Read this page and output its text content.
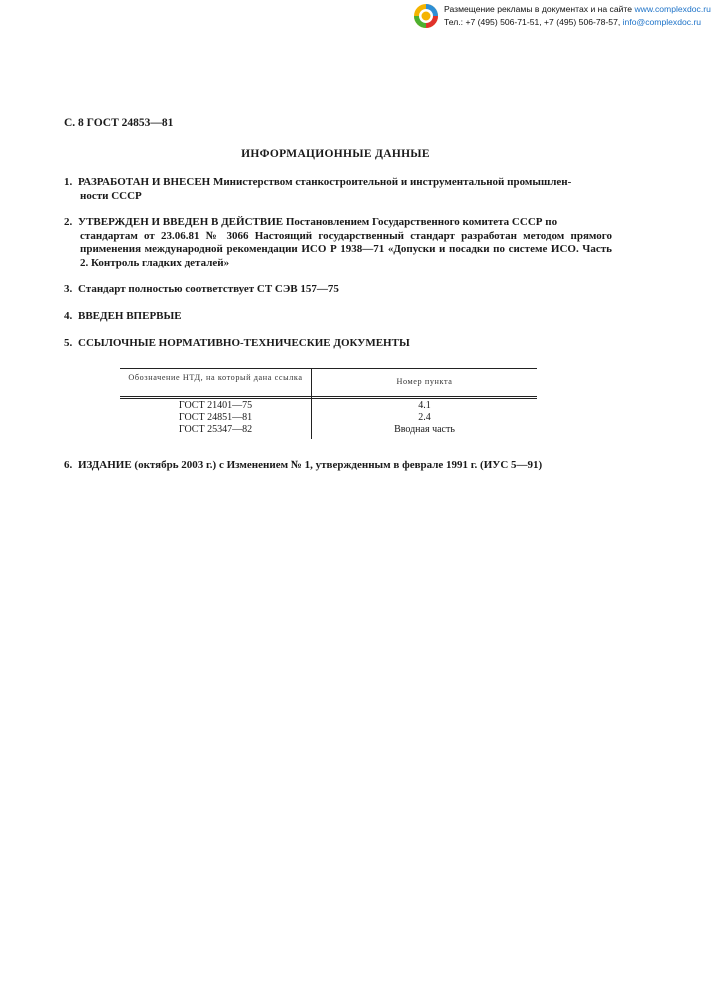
Размещение рекламы в документах и на сайте www.complexdoc.ru
Тел.: +7 (495) 506-71-51, +7 (495) 506-78-57, info@complexdoc.ru
С. 8 ГОСТ 24853—81
ИНФОРМАЦИОННЫЕ ДАННЫЕ
1. РАЗРАБОТАН И ВНЕСЕН Министерством станкостроительной и инструментальной промышлен-
ности СССР
2. УТВЕРЖДЕН И ВВЕДЕН В ДЕЙСТВИЕ Постановлением Государственного комитета СССР по
стандартам от 23.06.81 № 3066 Настоящий государственный стандарт разработан методом прямого применения международной рекомендации ИСО Р 1938—71 «Допуски и посадки по системе ИСО. Часть 2. Контроль гладких деталей»
3. Стандарт полностью соответствует СТ СЭВ 157—75
4. ВВЕДЕН ВПЕРВЫЕ
5. ССЫЛОЧНЫЕ НОРМАТИВНО-ТЕХНИЧЕСКИЕ ДОКУМЕНТЫ
Обозначение НТД, на который дана ссылка	Номер пункта
ГОСТ 21401—75	4.1
ГОСТ 24851—81	2.4
ГОСТ 25347—82	Вводная часть
6. ИЗДАНИЕ (октябрь 2003 г.) с Изменением № 1, утвержденным в феврале 1991 г. (ИУС 5—91)
